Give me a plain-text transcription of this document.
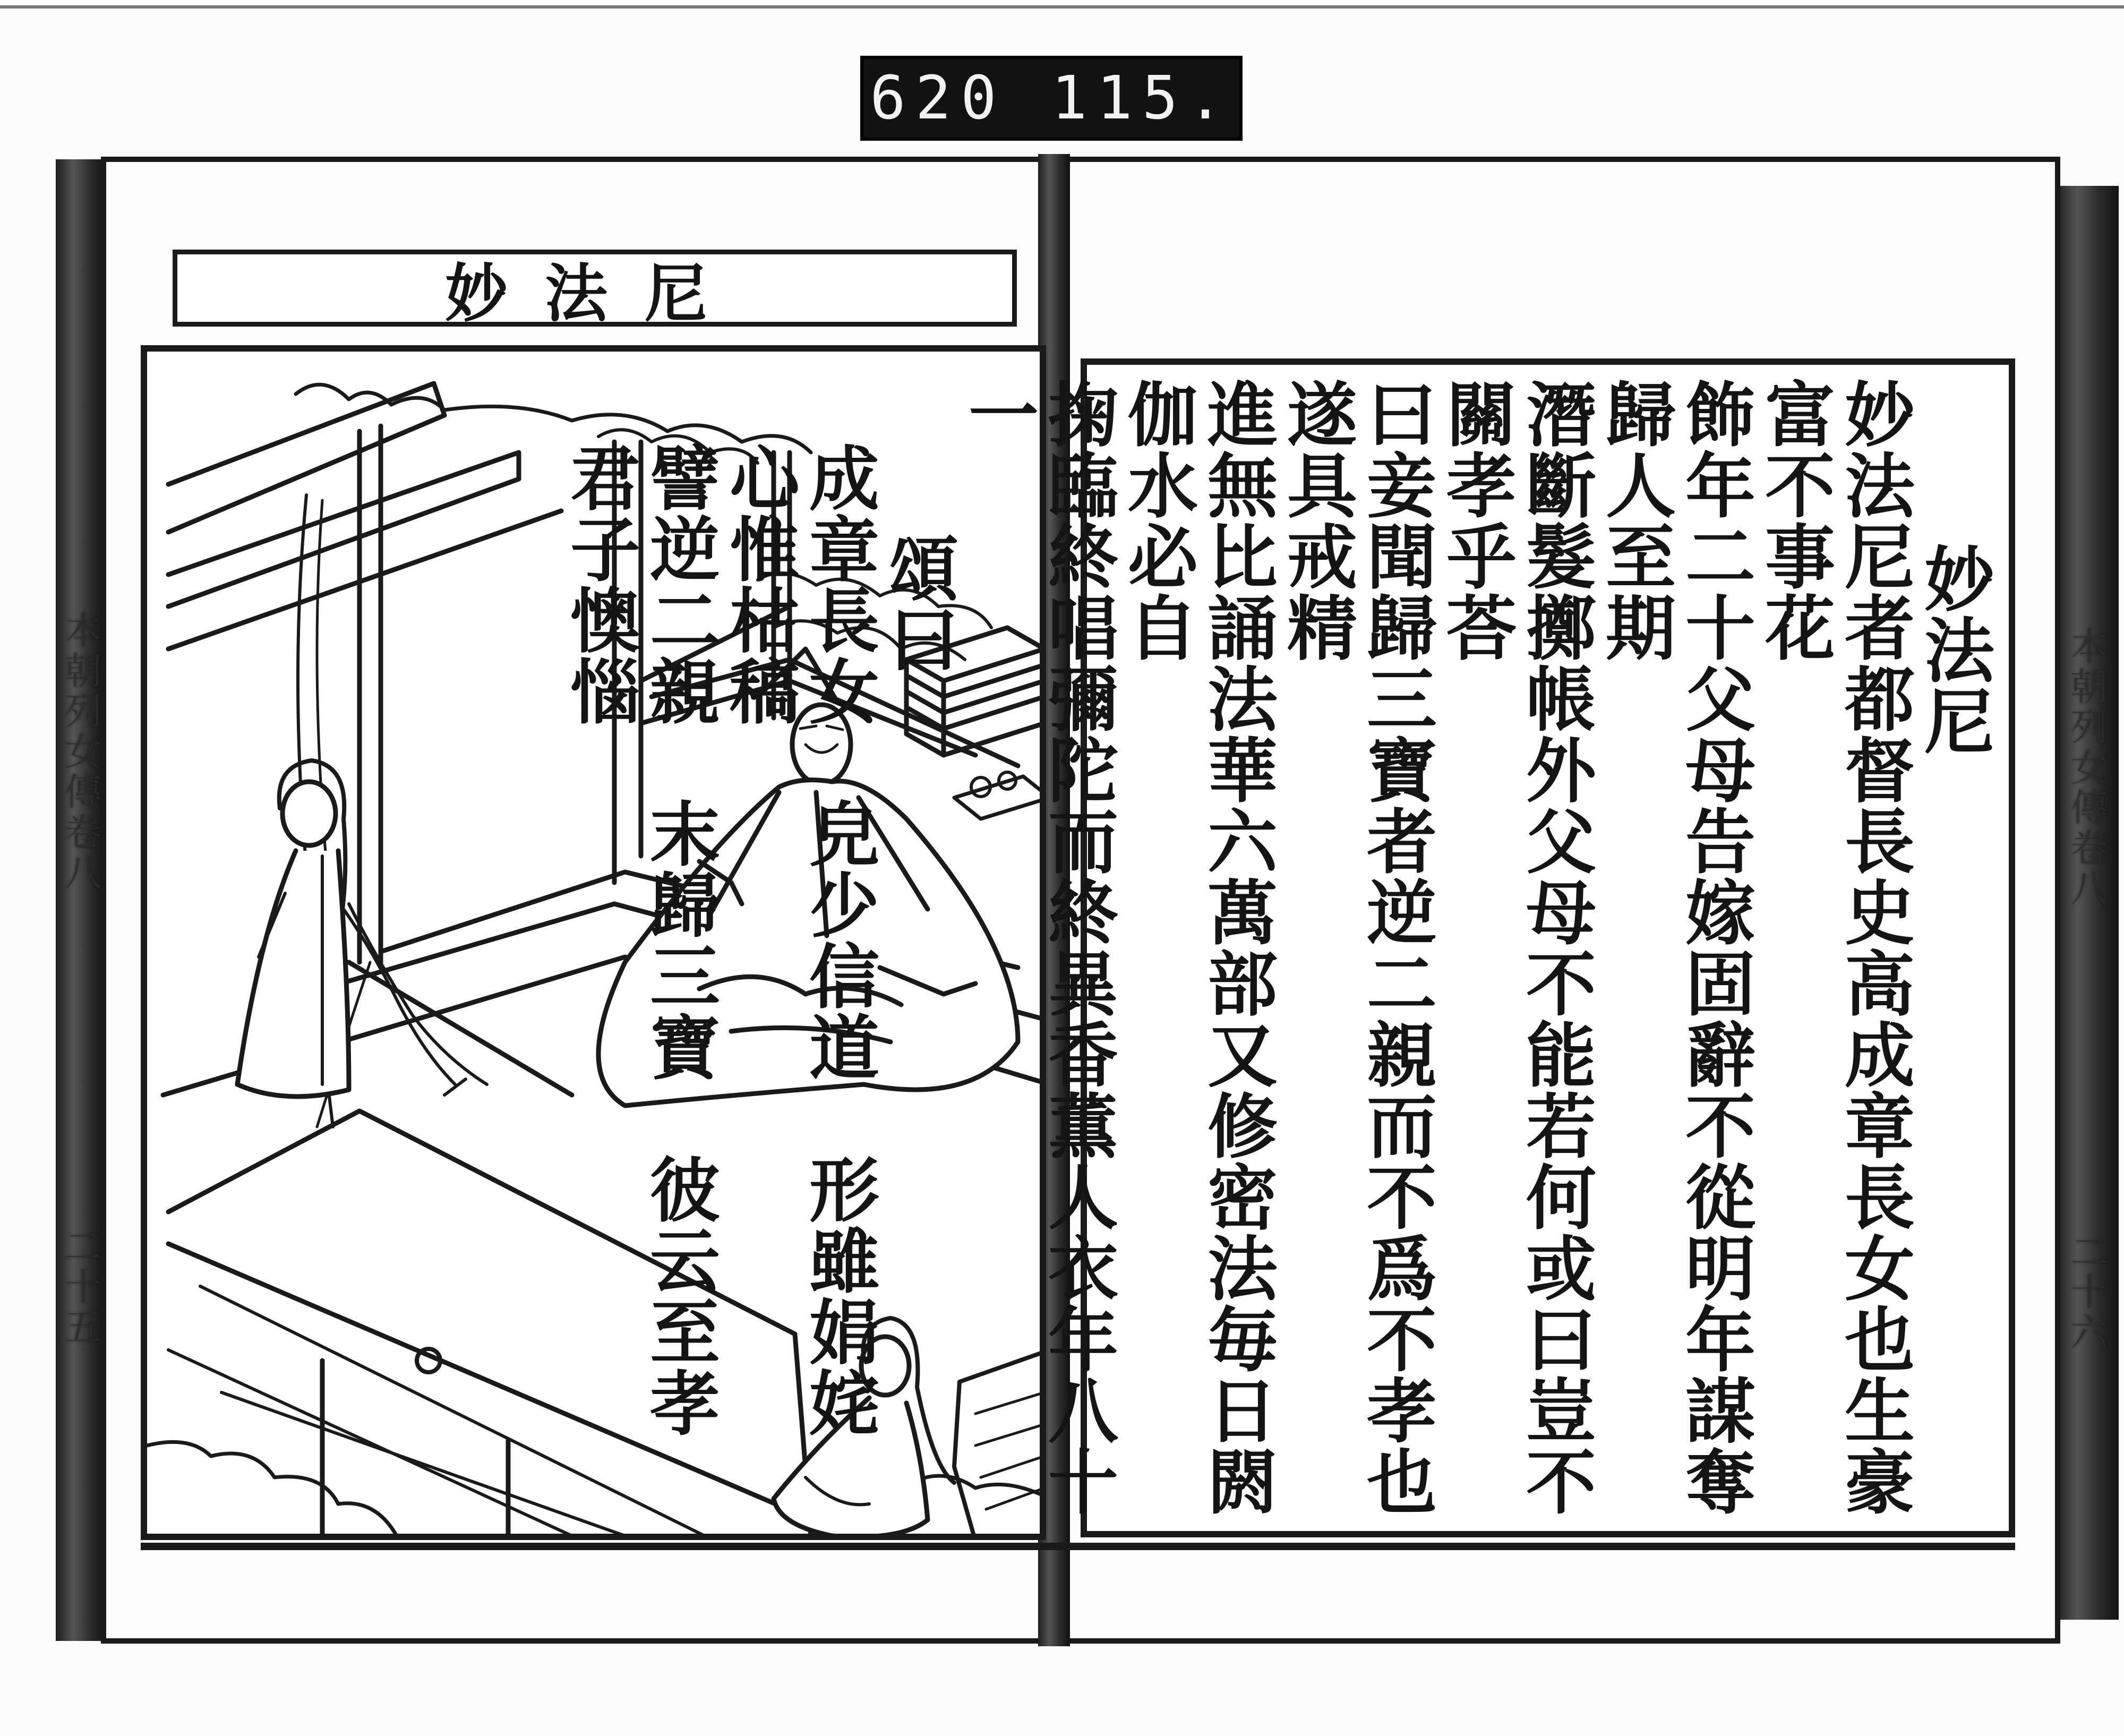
620 115.
本朝列女傳卷八
二十五
本朝列女傳卷八
二十六
妙法尼
妙法尼
妙法尼者都督長史高成章長女也生豪富不事花
飾年二十父母告嫁固辭不從明年謀奪歸人至期
潛斷髮擲帳外父母不能若何或曰豈不關孝乎荅
曰妾聞歸三寶者逆二親而不爲不孝也遂具戒精
進無比誦法華六萬部又修密法毎日閼伽水必自
掬臨終唱彌陀而終異香薫人衣年八十一
頌曰
成章長女　皃少信道　形雖娟姹　心惟枯稿
譬逆二親　末歸三寶　彼云至孝　君子懊惱
